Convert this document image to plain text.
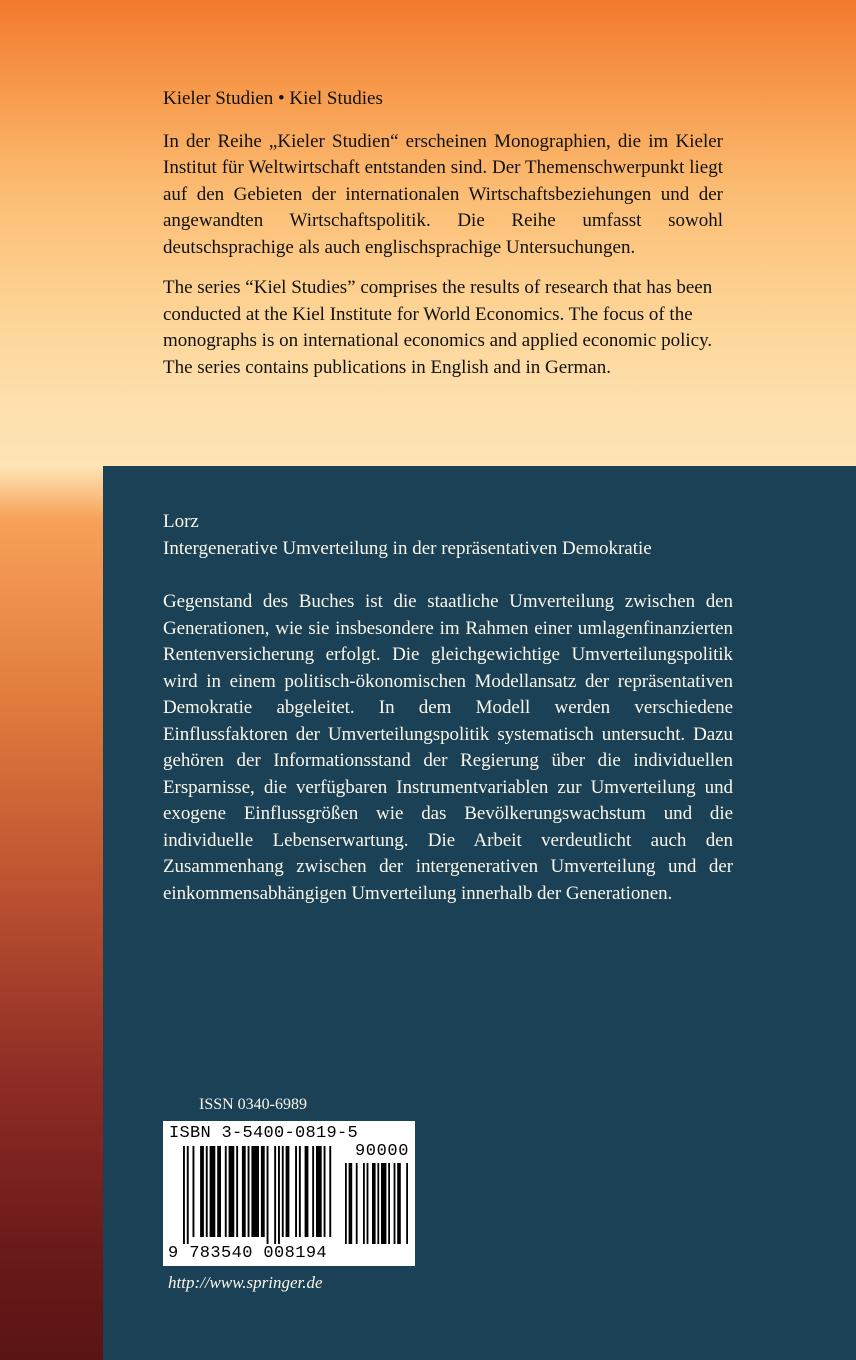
Kieler Studien • Kiel Studies

In der Reihe „Kieler Studien“ erscheinen Monographien, die im Kieler Institut für Weltwirtschaft entstanden sind. Der Themenschwerpunkt liegt auf den Gebieten der internationalen Wirtschaftsbeziehungen und der angewandten Wirtschaftspolitik. Die Reihe umfasst sowohl deutschsprachige als auch englischsprachige Untersuchungen.

The series “Kiel Studies” comprises the results of research that has been conducted at the Kiel Institute for World Economics. The focus of the monographs is on international economics and applied economic policy. The series contains publications in English and in German.

Lorz

Intergenerative Umverteilung in der repräsentativen Demokratie

Gegenstand des Buches ist die staatliche Umverteilung zwischen den Generationen, wie sie insbesondere im Rahmen einer umlagenfinanzierten Rentenversicherung erfolgt. Die gleichgewichtige Umverteilungspolitik wird in einem politisch-ökonomischen Modellansatz der repräsentativen Demokratie abgeleitet. In dem Modell werden verschiedene Einflussfaktoren der Umverteilungspolitik systematisch untersucht. Dazu gehören der Informationsstand der Regierung über die individuellen Ersparnisse, die verfügbaren Instrumentvariablen zur Umverteilung und exogene Einflussgrößen wie das Bevölkerungswachstum und die individuelle Lebenserwartung. Die Arbeit verdeutlicht auch den Zusammenhang zwischen der intergenerativen Umverteilung und der einkommensabhängigen Umverteilung innerhalb der Generationen.

ISSN 0340-6989
ISBN 3-5400-0819-5
90000
9 783540 008194
http://www.springer.de
